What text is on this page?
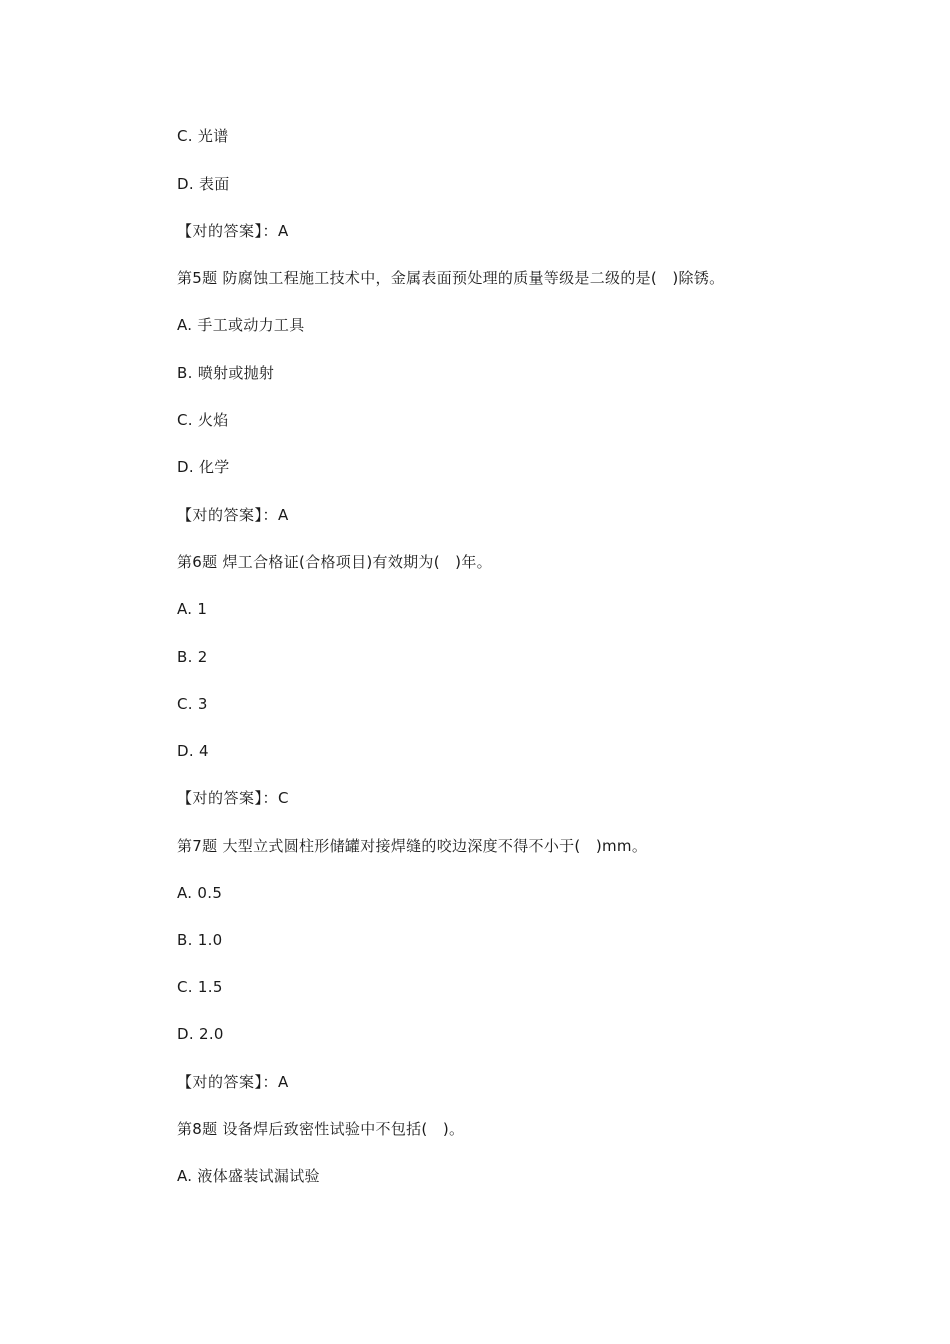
C. 光谱
D. 表面
【对的答案】：A
第5题 防腐蚀工程施工技术中，金属表面预处理的质量等级是二级的是(　)除锈。
A. 手工或动力工具
B. 喷射或抛射
C. 火焰
D. 化学
【对的答案】：A
第6题 焊工合格证(合格项目)有效期为(　)年。
A. 1
B. 2
C. 3
D. 4
【对的答案】：C
第7题 大型立式圆柱形储罐对接焊缝的咬边深度不得不小于(　)mm。
A. 0.5
B. 1.0
C. 1.5
D. 2.0
【对的答案】：A
第8题 设备焊后致密性试验中不包括(　)。
A. 液体盛装试漏试验
